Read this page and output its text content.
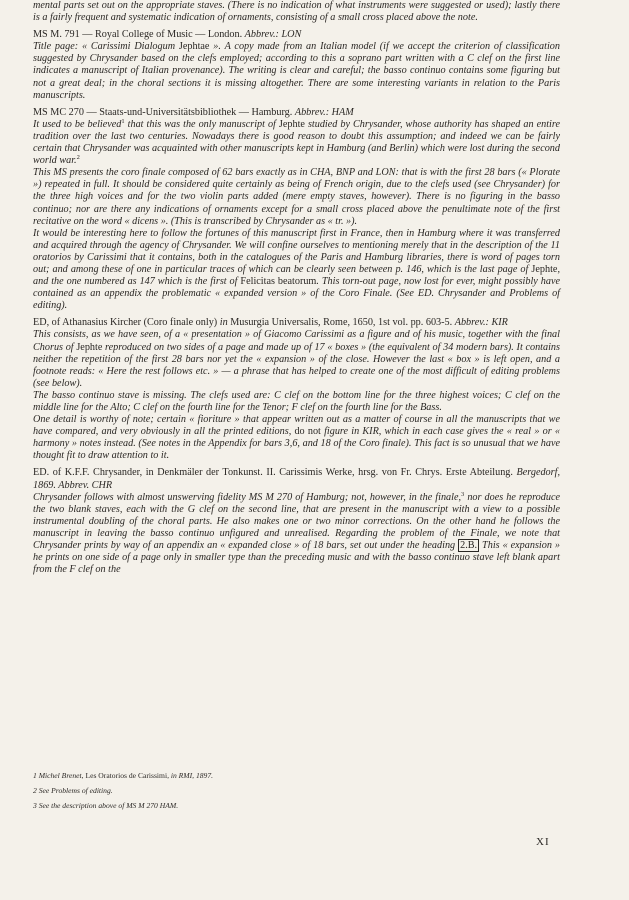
mental parts set out on the appropriate staves. (There is no indication of what instruments were suggested or used); lastly there is a fairly frequent and systematic indication of ornaments, consisting of a small cross placed above the note.

MS M. 791 — Royal College of Music — London. Abbrev.: LON
Title page: « Carissimi Dialogum Jephtae ». A copy made from an Italian model (if we accept the criterion of classification suggested by Chrysander based on the clefs employed; according to this a soprano part written with a C clef on the first line indicates a manuscript of Italian provenance). The writing is clear and careful; the basso continuo contains some figuring but not a great deal; in the choral sections it is missing altogether. There are some interesting variants in relation to the Paris manuscripts.

MS MC 270 — Staats-und-Universitätsbibliothek — Hamburg. Abbrev.: HAM
It used to be believed$^1$ that this was the only manuscript of Jephte studied by Chrysander, whose authority has shaped an entire tradition over the last two centuries. Nowadays there is good reason to doubt this assumption; and indeed we can be fairly certain that Chrysander was acquainted with other manuscripts kept in Hamburg (and Berlin) which were lost during the second world war.$^2$

This MS presents the coro finale composed of 62 bars exactly as in CHA, BNP and LON: that is with the first 28 bars (« Plorate ») repeated in full. It should be considered quite certainly as being of French origin, due to the clefs used (see Chrysander) for the three high voices and for the two violin parts added (mere empty staves, however). There is no figuring in the basso continuo; nor are there any indications of ornaments except for a small cross placed above the penultimate note of the first recitative on the word « dicens ». (This is transcribed by Chrysander as « tr. »).

It would be interesting here to follow the fortunes of this manuscript first in France, then in Hamburg where it was transferred and acquired through the agency of Chrysander. We will confine ourselves to mentioning merely that in the description of the 11 oratorios by Carissimi that it contains, both in the catalogues of the Paris and Hamburg libraries, there is word of pages torn out; and among these of one in particular traces of which can be clearly seen between p. 146, which is the last page of Jephte, and the one numbered as 147 which is the first of Felicitas beatorum. This torn-out page, now lost for ever, might possibly have contained as an appendix the problematic « expanded version » of the Coro Finale. (See ED. Chrysander and Problems of editing).

ED, of Athanasius Kircher (Coro finale only) in Musurgia Universalis, Rome, 1650, 1st vol. pp. 603-5. Abbrev.: KIR
This consists, as we have seen, of a « presentation » of Giacomo Carissimi as a figure and of his music, together with the final Chorus of Jephte reproduced on two sides of a page and made up of 17 « boxes » (the equivalent of 34 modern bars). It contains neither the repetition of the first 28 bars nor yet the « expansion » of the close. However the last « box » is left open, and a footnote reads: « Here the rest follows etc. » — a phrase that has helped to create one of the most difficult of editing problems (see below).

The basso continuo stave is missing. The clefs used are: C clef on the bottom line for the three highest voices; C clef on the middle line for the Alto; C clef on the fourth line for the Tenor; F clef on the fourth line for the Bass.

One detail is worthy of note; certain « fioriture » that appear written out as a matter of course in all the manuscripts that we have compared, and very obviously in all the printed editions, do not figure in KIR, which in each case gives the « real » or « harmony » notes instead. (See notes in the Appendix for bars 3,6, and 18 of the Coro finale). This fact is so unusual that we have thought fit to draw attention to it.

ED. of K.F.F. Chrysander, in Denkmäler der Tonkunst. II. Carissimis Werke, hrsg. von Fr. Chrys. Erste Abteilung. Bergedorf, 1869. Abbrev. CHR
Chrysander follows with almost unswerving fidelity MS M 270 of Hamburg; not, however, in the finale,$^3$ nor does he reproduce the two blank staves, each with the G clef on the second line, that are present in the manuscript with a view to a possible instrumental doubling of the choral parts. He also makes one or two minor corrections. On the other hand he follows the manuscript in leaving the basso continuo unfigured and unrealised. Regarding the problem of the Finale, we note that Chrysander prints by way of an appendix an « expanded close » of 18 bars, set out under the heading 2.B. This « expansion » he prints on one side of a page only in smaller type than the preceding music and with the basso continuo stave left blank apart from the F clef on the

1 Michel Brenet, Les Oratorios de Carissimi, in RMI, 1897.
2 See Problems of editing.
3 See the description above of MS M 270 HAM.
XI
